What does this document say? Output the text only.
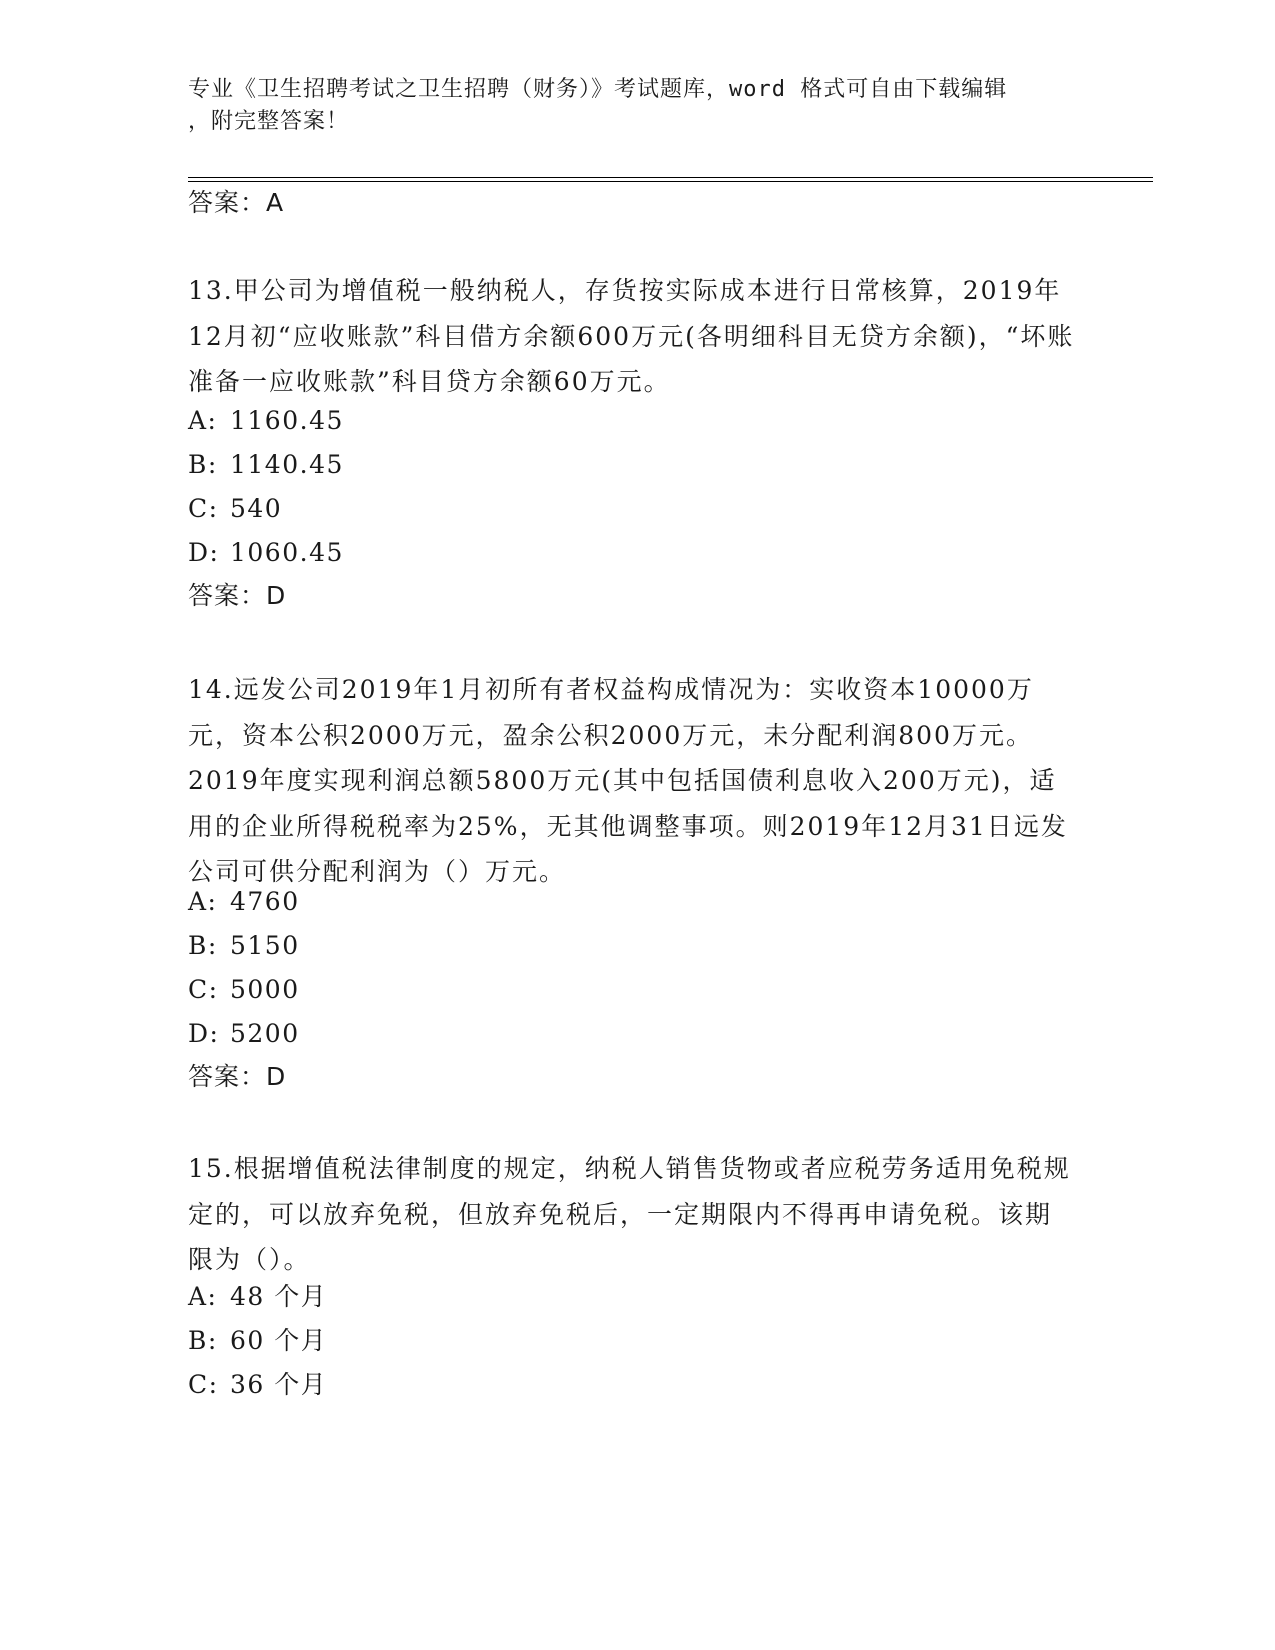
专业《卫生招聘考试之卫生招聘（财务）》考试题库，word 格式可自由下载编辑
，附完整答案！
答案：A
13.甲公司为增值税一般纳税人，存货按实际成本进行日常核算，2019年12月初“应收账款”科目借方余额600万元(各明细科目无贷方余额)，“坏账准备一应收账款”科目贷方余额60万元。
A: 1160.45
B: 1140.45
C: 540
D: 1060.45
答案：D
14.远发公司2019年1月初所有者权益构成情况为：实收资本10000万元，资本公积2000万元，盈余公积2000万元，未分配利润800万元。2019年度实现利润总额5800万元(其中包括国债利息收入200万元)，适用的企业所得税税率为25%，无其他调整事项。则2019年12月31日远发公司可供分配利润为（）万元。
A: 4760
B: 5150
C: 5000
D: 5200
答案：D
15.根据增值税法律制度的规定，纳税人销售货物或者应税劳务适用免税规定的，可以放弃免税，但放弃免税后，一定期限内不得再申请免税。该期限为（）。
A: 48 个月
B: 60 个月
C: 36 个月
